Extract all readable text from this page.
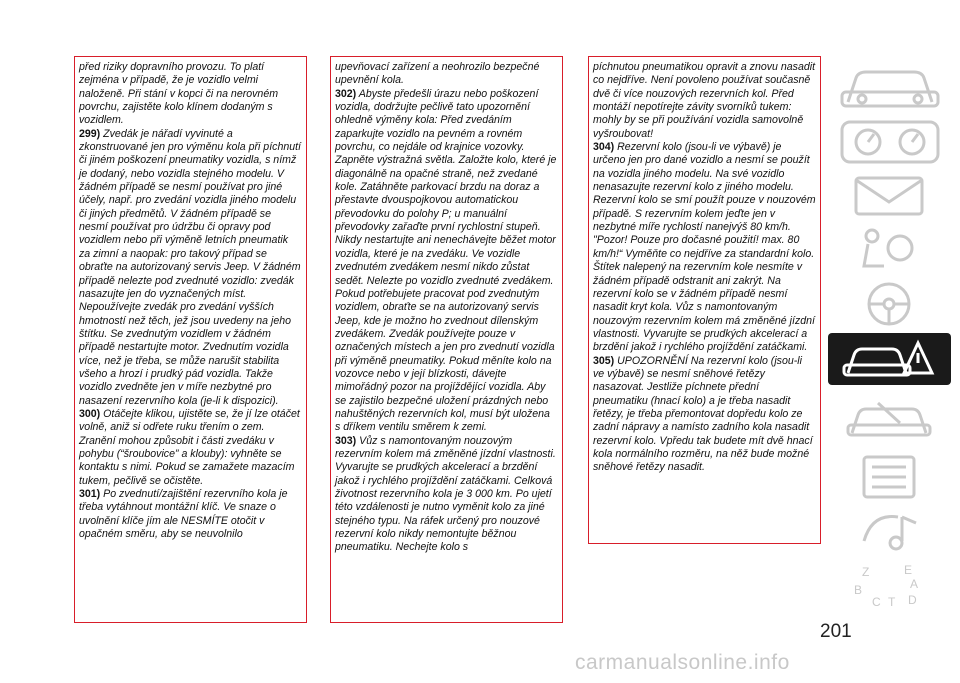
před riziky dopravního provozu. To platí zejména v případě, že je vozidlo velmi naloženě. Při stání v kopci či na nerovném povrchu, zajistěte kolo klínem dodaným s vozidlem.

299) Zvedák je nářadí vyvinuté a zkonstruované jen pro výměnu kola při píchnutí či jiném poškození pneumatiky vozidla, s nímž je dodaný, nebo vozidla stejného modelu. V žádném případě se nesmí používat pro jiné účely, např. pro zvedání vozidla jiného modelu či jiných předmětů. V žádném případě se nesmí používat pro údržbu či opravy pod vozidlem nebo při výměně letních pneumatik za zimní a naopak: pro takový případ se obraťte na autorizovaný servis Jeep. V žádném případě nelezte pod zvednuté vozidlo: zvedák nasazujte jen do vyznačených míst. Nepoužívejte zvedák pro zvedání vyšších hmotností než těch, jež jsou uvedeny na jeho štítku. Se zvednutým vozidlem v žádném případě nestartujte motor. Zvednutím vozidla více, než je třeba, se může narušit stabilita všeho a hrozí i prudký pád vozidla. Takže vozidlo zvedněte jen v míře nezbytné pro nasazení rezervního kola (je-li k dispozici).

300) Otáčejte klikou, ujistěte se, že jí lze otáčet volně, aniž si odřete ruku třením o zem. Zranění mohou způsobit i části zvedáku v pohybu (“šroubovice” a klouby): vyhněte se kontaktu s nimi. Pokud se zamažete mazacím tukem, pečlivě se očistěte.

301) Po zvednutí/zajištění rezervního kola je třeba vytáhnout montážní klíč. Ve snaze o uvolnění klíče jím ale NESMÍTE otočit v opačném směru, aby se neuvolnilo

upevňovací zařízení a neohrozilo bezpečné upevnění kola.

302) Abyste předešli úrazu nebo poškození vozidla, dodržujte pečlivě tato upozornění ohledně výměny kola: Před zvedáním zaparkujte vozidlo na pevném a rovném povrchu, co nejdále od krajnice vozovky. Zapněte výstražná světla. Založte kolo, které je diagonálně na opačné straně, než zvedané kole. Zatáhněte parkovací brzdu na doraz a přestavte dvouspojkovou automatickou převodovku do polohy P; u manuální převodovky zařaďte první rychlostní stupeň. Nikdy nestartujte ani nenechávejte běžet motor vozidla, které je na zvedáku. Ve vozidle zvednutém zvedákem nesmí nikdo zůstat sedět. Nelezte po vozidlo zvednuté zvedákem. Pokud potřebujete pracovat pod zvednutým vozidlem, obraťte se na autorizovaný servis Jeep, kde je možno ho zvednout dílenským zvedákem. Zvedák používejte pouze v označených místech a jen pro zvednutí vozidla při výměně pneumatiky. Pokud měníte kolo na vozovce nebo v její blízkosti, dávejte mimořádný pozor na projíždějící vozidla. Aby se zajistilo bezpečné uložení prázdných nebo nahuštěných rezervních kol, musí být uložena s dříkem ventilu směrem k zemi.

303) Vůz s namontovaným nouzovým rezervním kolem má změněné jízdní vlastnosti. Vyvarujte se prudkých akcelerací a brzdění jakož i rychlého projíždění zatáčkami. Celková životnost rezervního kola je 3 000 km. Po ujetí této vzdálenosti je nutno vyměnit kolo za jiné stejného typu. Na ráfek určený pro nouzové rezervní kolo nikdy nemontujte běžnou pneumatiku. Nechejte kolo s

píchnutou pneumatikou opravit a znovu nasadit co nejdříve. Není povoleno používat současně dvě či více nouzových rezervních kol. Před montáží nepotírejte závity svorníků tukem: mohly by se při používání vozidla samovolně vyšroubovat!

304) Rezervní kolo (jsou-li ve výbavě) je určeno jen pro dané vozidlo a nesmí se použít na vozidla jiného modelu. Na své vozidlo nenasazujte rezervní kolo z jiného modelu. Rezervní kolo se smí použít pouze v nouzovém případě. S rezervním kolem jeďte jen v nezbytné míře rychlostí nanejvýš 80 km/h. "Pozor! Pouze pro dočasné použití! max. 80 km/h!“ Vyměňte co nejdříve za standardní kolo. Štítek nalepený na rezervním kole nesmíte v žádném případě odstranit ani zakrýt. Na rezervní kolo se v žádném případě nesmí nasadit kryt kola. Vůz s namontovaným nouzovým rezervním kolem má změněné jízdní vlastnosti. Vyvarujte se prudkých akcelerací a brzdění jakož i rychlého projíždění zatáčkami.

305) UPOZORNĚNÍ Na rezervní kolo (jsou-li ve výbavě) se nesmí sněhové řetězy nasazovat. Jestliže píchnete přední pneumatiku (hnací kolo) a je třeba nasadit řetězy, je třeba přemontovat dopředu kolo ze zadní nápravy a namísto zadního kola nasadit rezervní kolo. Vpředu tak budete mít dvě hnací kola normálního rozměru, na něž bude možné sněhové řetězy nasadit.

Z	E
A
B
C T D
201
carmanualsonline.info
